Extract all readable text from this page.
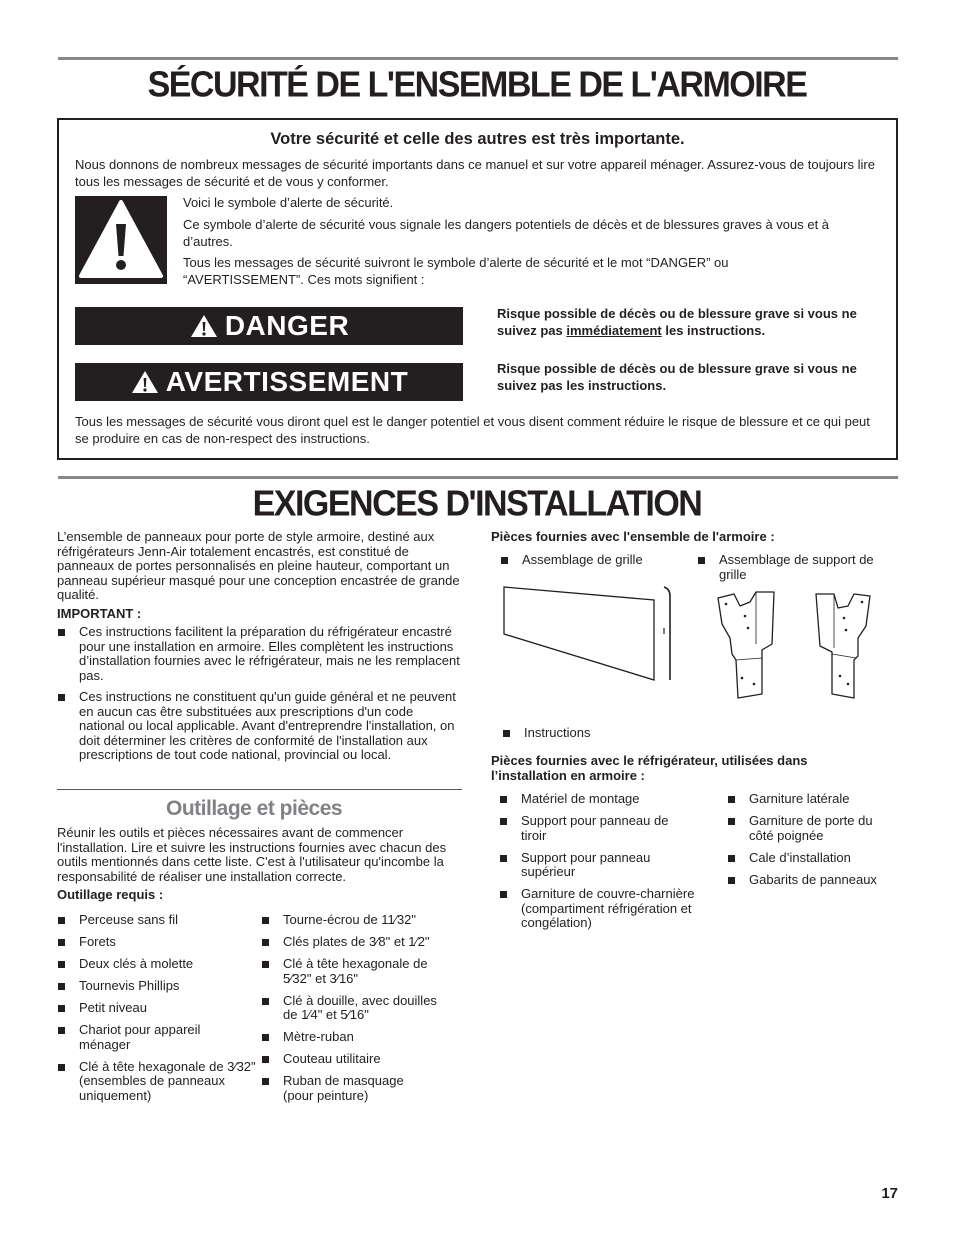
SÉCURITÉ DE L'ENSEMBLE DE L'ARMOIRE
Votre sécurité et celle des autres est très importante.
Nous donnons de nombreux messages de sécurité importants dans ce manuel et sur votre appareil ménager. Assurez-vous de toujours lire tous les messages de sécurité et de vous y conformer.
Voici le symbole d’alerte de sécurité.
Ce symbole d’alerte de sécurité vous signale les dangers potentiels de décès et de blessures graves à vous et à d’autres.
Tous les messages de sécurité suivront le symbole d’alerte de sécurité et le mot “DANGER” ou “AVERTISSEMENT”. Ces mots signifient :
DANGER	Risque possible de décès ou de blessure grave si vous ne suivez pas immédiatement les instructions.
AVERTISSEMENT	Risque possible de décès ou de blessure grave si vous ne suivez pas les instructions.
Tous les messages de sécurité vous diront quel est le danger potentiel et vous disent comment réduire le risque de blessure et ce qui peut se produire en cas de non-respect des instructions.
EXIGENCES D'INSTALLATION
L’ensemble de panneaux pour porte de style armoire, destiné aux réfrigérateurs Jenn-Air totalement encastrés, est constitué de panneaux de portes personnalisés en pleine hauteur, comportant un panneau supérieur masqué pour une conception encastrée de grande qualité.
IMPORTANT :
Ces instructions facilitent la préparation du réfrigérateur encastré pour une installation en armoire. Elles complètent les instructions d’installation fournies avec le réfrigérateur, mais ne les remplacent pas.
Ces instructions ne constituent qu'un guide général et ne peuvent en aucun cas être substituées aux prescriptions d'un code national ou local applicable. Avant d'entreprendre l'installation, on doit déterminer les critères de conformité de l'installation aux prescriptions de tout code national, provincial ou local.
Outillage et pièces
Réunir les outils et pièces nécessaires avant de commencer l'installation. Lire et suivre les instructions fournies avec chacun des outils mentionnés dans cette liste. C'est à l'utilisateur qu'incombe la responsabilité de réaliser une installation correcte.
Outillage requis :
Perceuse sans fil
Forets
Deux clés à molette
Tournevis Phillips
Petit niveau
Chariot pour appareil ménager
Clé à tête hexagonale de 3⁄32" (ensembles de panneaux uniquement)
Tourne-écrou de 11⁄32"
Clés plates de 3⁄8" et 1⁄2"
Clé à tête hexagonale de 5⁄32" et 3⁄16"
Clé à douille, avec douilles de 1⁄4" et 5⁄16"
Mètre-ruban
Couteau utilitaire
Ruban de masquage (pour peinture)
Pièces fournies avec l'ensemble de l'armoire :
Assemblage de grille	Assemblage de support de grille
Instructions
Pièces fournies avec le réfrigérateur, utilisées dans l’installation en armoire :
Matériel de montage
Support pour panneau de tiroir
Support pour panneau supérieur
Garniture de couvre-charnière (compartiment réfrigération et congélation)
Garniture latérale
Garniture de porte du côté poignée
Cale d’installation
Gabarits de panneaux
17
